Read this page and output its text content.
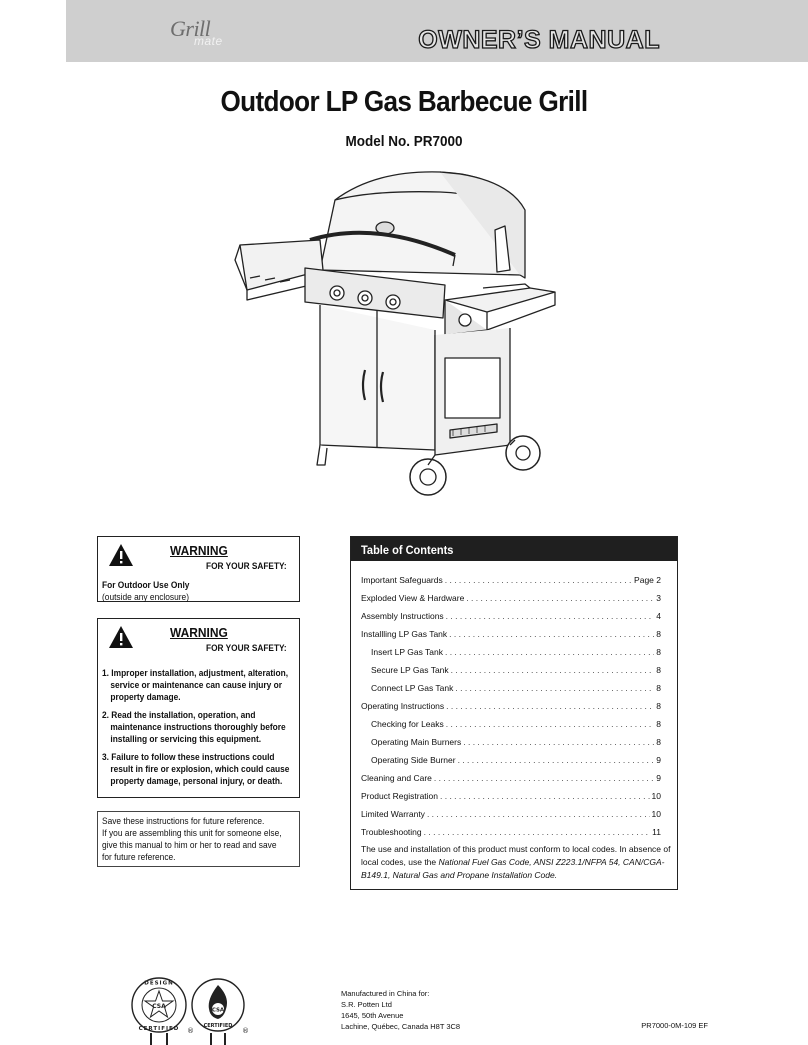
Grill
mate	OWNER’S MANUAL
Outdoor LP Gas Barbecue Grill
Model No. PR7000
WARNING
FOR YOUR SAFETY:
For Outdoor Use Only
(outside any enclosure)
WARNING
FOR YOUR SAFETY:
1. Improper installation, adjustment, alteration,
service or maintenance can cause injury or
property damage.
2. Read the installation, operation, and
maintenance instructions thoroughly before
installing or servicing this equipment.
3. Failure to follow these instructions could
result in fire or explosion, which could cause
property damage, personal injury, or death.
Save these instructions for future reference.
If you are assembling this unit for someone else,
give this manual to him or her to read and save
for future reference.
Table of Contents
Important Safeguards . . .	Page 2
Exploded View & Hardware . . .	3
Assembly Instructions . . .	4
Installling LP Gas Tank . . .	8
Insert LP Gas Tank . . .	8
Secure LP Gas Tank . . .	8
Connect LP Gas Tank . . .	8
Operating Instructions . . .	8
Checking for Leaks . . .	8
Operating Main Burners . . .	8
Operating Side Burner . . .	9
Cleaning and Care . . .	9
Product Registration . . .	10
Limited Warranty . . .	10
Troubleshooting . . .	11

The use and installation of this product must conform to local codes. In absence of local codes, use the National Fuel Gas Code, ANSI Z223.1/NFPA 54, CAN/CGA-B149.1, Natural Gas and Propane Installation Code.

CSA
DESIGN
CERTIFIED ®
CSA
CERTIFIED
®
Manufactured in China for:
S.R. Potten Ltd
1645, 50th Avenue
Lachine, Québec, Canada H8T 3C8	PR7000-0M-109 EF
